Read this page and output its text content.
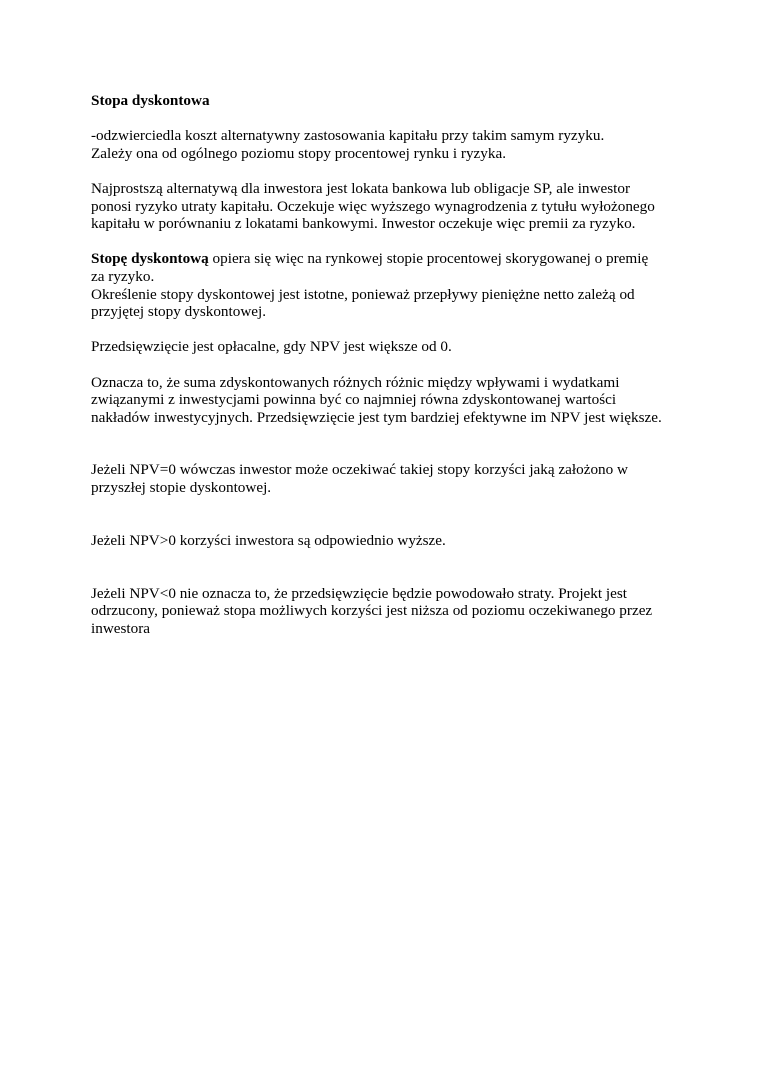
Stopa dyskontowa
-odzwierciedla koszt alternatywny zastosowania kapitału przy takim samym ryzyku.
Zależy ona od ogólnego poziomu stopy procentowej rynku i ryzyka.
Najprostszą alternatywą dla inwestora jest lokata bankowa lub obligacje SP, ale inwestor
ponosi ryzyko utraty kapitału. Oczekuje więc wyższego wynagrodzenia z tytułu wyłożonego
kapitału w porównaniu z lokatami bankowymi. Inwestor oczekuje więc premii za ryzyko.
Stopę dyskontową opiera się więc na rynkowej stopie procentowej skorygowanej o premię
za ryzyko.
Określenie stopy dyskontowej jest istotne, ponieważ przepływy pieniężne netto zależą od
przyjętej stopy dyskontowej.
Przedsięwzięcie jest opłacalne, gdy NPV jest większe od 0.
Oznacza to, że suma zdyskontowanych różnych różnic między wpływami i wydatkami
związanymi z inwestycjami powinna być co najmniej równa zdyskontowanej wartości
nakładów inwestycyjnych. Przedsięwzięcie jest tym bardziej efektywne im NPV jest większe.
Jeżeli NPV=0 wówczas inwestor może oczekiwać takiej stopy korzyści jaką założono w
przyszłej stopie dyskontowej.
Jeżeli NPV>0 korzyści inwestora są odpowiednio wyższe.
Jeżeli NPV<0 nie oznacza to, że przedsięwzięcie będzie powodowało straty. Projekt jest
odrzucony, ponieważ stopa możliwych korzyści jest niższa od poziomu oczekiwanego przez
inwestora
